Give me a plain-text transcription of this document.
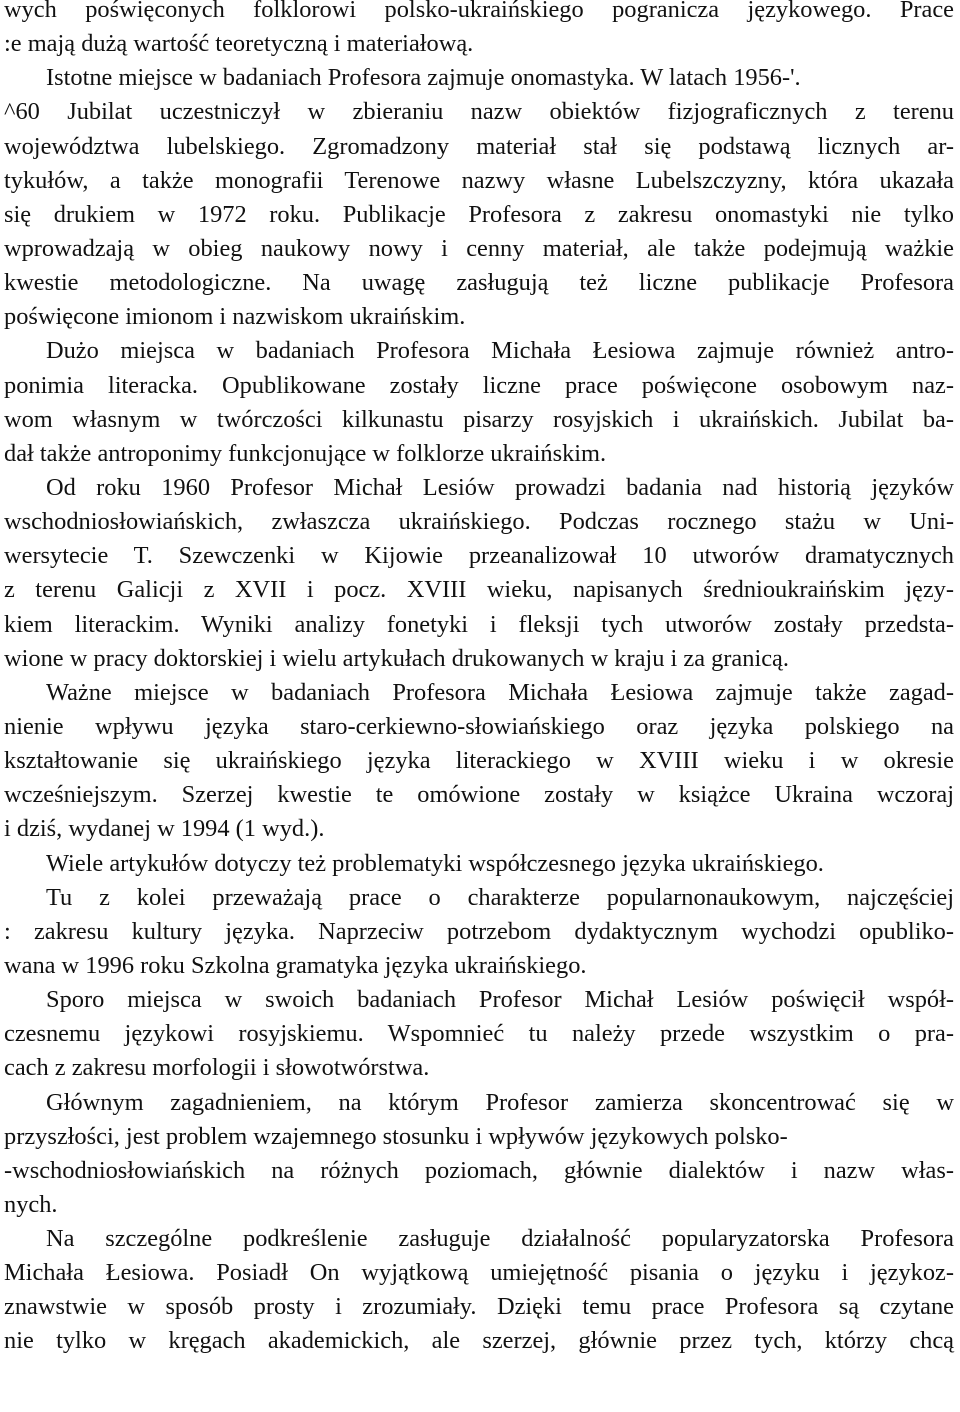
wych poświęconych folklorowi polsko-ukraińskiego pogranicza językowego. Prace
:e mają dużą wartość teoretyczną i materiałową.
Istotne miejsce w badaniach Profesora zajmuje onomastyka. W latach 1956-'.
^60 Jubilat uczestniczył w zbieraniu nazw obiektów fizjograficznych z terenu
województwa lubelskiego. Zgromadzony materiał stał się podstawą licznych ar-
tykułów, a także monografii Terenowe nazwy własne Lubelszczyzny, która ukazała
się drukiem w 1972 roku. Publikacje Profesora z zakresu onomastyki nie tylko
wprowadzają w obieg naukowy nowy i cenny materiał, ale także podejmują ważkie
kwestie metodologiczne. Na uwagę zasługują też liczne publikacje Profesora
poświęcone imionom i nazwiskom ukraińskim.
Dużo miejsca w badaniach Profesora Michała Łesiowa zajmuje również antro-
ponimia literacka. Opublikowane zostały liczne prace poświęcone osobowym naz-
wom własnym w twórczości kilkunastu pisarzy rosyjskich i ukraińskich. Jubilat ba-
dał także antroponimy funkcjonujące w folklorze ukraińskim.
Od roku 1960 Profesor Michał Lesiów prowadzi badania nad historią języków
wschodniosłowiańskich, zwłaszcza ukraińskiego. Podczas rocznego stażu w Uni-
wersytecie T. Szewczenki w Kijowie przeanalizował 10 utworów dramatycznych
z terenu Galicji z XVII i pocz. XVIII wieku, napisanych średnioukraińskim języ-
kiem literackim. Wyniki analizy fonetyki i fleksji tych utworów zostały przedsta-
wione w pracy doktorskiej i wielu artykułach drukowanych w kraju i za granicą.
Ważne miejsce w badaniach Profesora Michała Łesiowa zajmuje także zagad-
nienie wpływu języka staro-cerkiewno-słowiańskiego oraz języka polskiego na
kształtowanie się ukraińskiego języka literackiego w XVIII wieku i w okresie
wcześniejszym. Szerzej kwestie te omówione zostały w książce Ukraina wczoraj
i dziś, wydanej w 1994 (1 wyd.).
Wiele artykułów dotyczy też problematyki współczesnego języka ukraińskiego.
Tu z kolei przeważają prace o charakterze popularnonaukowym, najczęściej
: zakresu kultury języka. Naprzeciw potrzebom dydaktycznym wychodzi opubliko-
wana w 1996 roku Szkolna gramatyka języka ukraińskiego.
Sporo miejsca w swoich badaniach Profesor Michał Lesiów poświęcił współ-
czesnemu językowi rosyjskiemu. Wspomnieć tu należy przede wszystkim o pra-
cach z zakresu morfologii i słowotwórstwa.
Głównym zagadnieniem, na którym Profesor zamierza skoncentrować się w
przyszłości, jest problem wzajemnego stosunku i wpływów językowych polsko-
-wschodniosłowiańskich na różnych poziomach, głównie dialektów i nazw włas-
nych.
Na szczególne podkreślenie zasługuje działalność popularyzatorska Profesora
Michała Łesiowa. Posiadł On wyjątkową umiejętność pisania o języku i językoz-
znawstwie w sposób prosty i zrozumiały. Dzięki temu prace Profesora są czytane
nie tylko w kręgach akademickich, ale szerzej, głównie przez tych, którzy chcą
